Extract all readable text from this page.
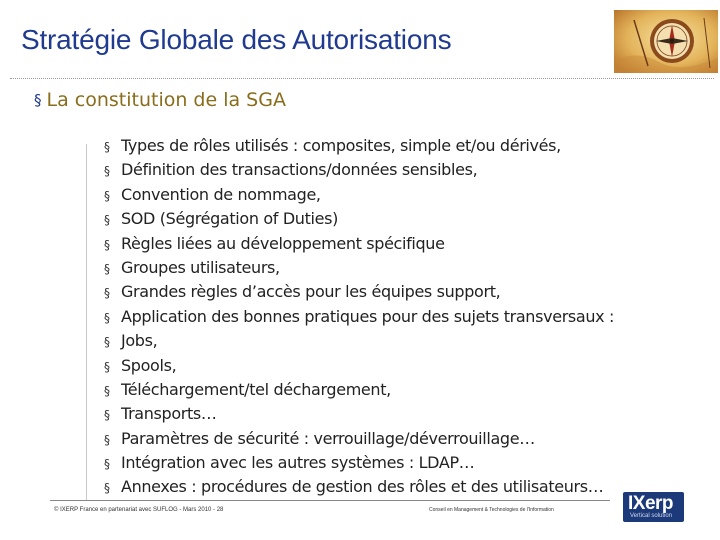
Stratégie Globale des Autorisations
§ La constitution de la SGA
§ Types de rôles utilisés : composites, simple et/ou dérivés,
§ Définition des transactions/données sensibles,
§ Convention de nommage,
§ SOD (Ségrégation of Duties)
§ Règles liées au développement spécifique
§ Groupes utilisateurs,
§ Grandes règles d’accès pour les équipes support,
§ Application des bonnes pratiques pour des sujets transversaux :
§ Jobs,
§ Spools,
§ Téléchargement/tel déchargement,
§ Transports…
§ Paramètres de sécurité : verrouillage/déverrouillage…
§ Intégration avec les autres systèmes : LDAP…
§ Annexes : procédures de gestion des rôles et des utilisateurs…
© IXERP France en partenariat avec SUFLOG - Mars 2010 - 28	Conseil en Management & Technologies de l'Information	IXerp
Vertical solution
